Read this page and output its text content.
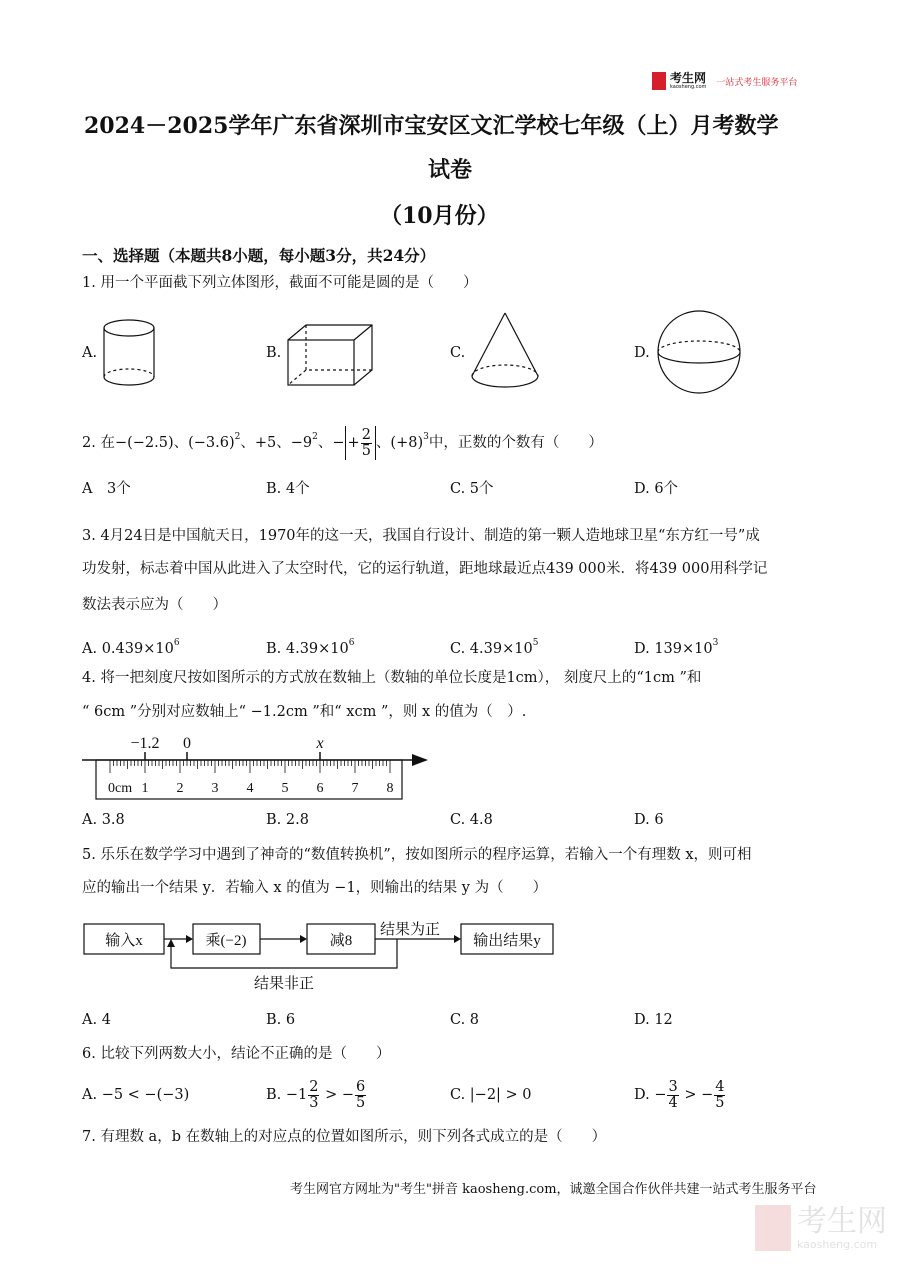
考生网
kaosheng.com 一站式考生服务平台
2024－2025学年广东省深圳市宝安区文汇学校七年级（上）月考数学
试卷
（10月份）
一、选择题（本题共8小题，每小题3分，共24分）
1. 用一个平面截下列立体图形，截面不可能是圆的是（　　）
A.	B.	C.	D.
2. 在−(−2.5)、$(-3.6)^2$、+5、$-9^2$、− + $\frac{2}{5}$ 、$(+8)^3$中，正数的个数有（　　）
A　3个	B. 4个	C. 5个	D. 6个
3. 4月24日是中国航天日，1970年的这一天，我国自行设计、制造的第一颗人造地球卫星“东方红一号”成
功发射，标志着中国从此进入了太空时代，它的运行轨道，距地球最近点439 000米．将439 000用科学记
数法表示应为（　　）
A. $0.439\times 10^6$	B. $4.39\times 10^6$	C. $4.39\times 10^5$	D. $139\times 10^3$
4. 将一把刻度尺按如图所示的方式放在数轴上（数轴的单位长度是1cm）， 刻度尺上的“1cm ”和
“ 6cm ”分别对应数轴上“ −1.2cm ”和“ xcm ”，则 x 的值为（　）.
−1.2 0	x
0cm 1 2 3 4 5 6 7 8
A. 3.8	B. 2.8	C. 4.8	D. 6
5. 乐乐在数学学习中遇到了神奇的“数值转换机”，按如图所示的程序运算，若输入一个有理数 x，则可相
应的输出一个结果 y．若输入 x 的值为 −1，则输出的结果 y 为（　　）
输入x	乘(−2)	减8	输出结果y
结果为正
结果非正
A. 4	B. 6	C. 8	D. 12
6. 比较下列两数大小，结论不正确的是（　　）
A. −5 < −(−3)	B. $-1 \frac{2}{3}$ > − $\frac{6}{5}$	C. |−2| > 0	D. − $\frac{3}{4}$ > − $\frac{4}{5}$
7. 有理数 a，b 在数轴上的对应点的位置如图所示，则下列各式成立的是（　　）
考生网官方网址为"考生"拼音 kaosheng.com，诚邀全国合作伙伴共建一站式考生服务平台
考生网
kaosheng.com
